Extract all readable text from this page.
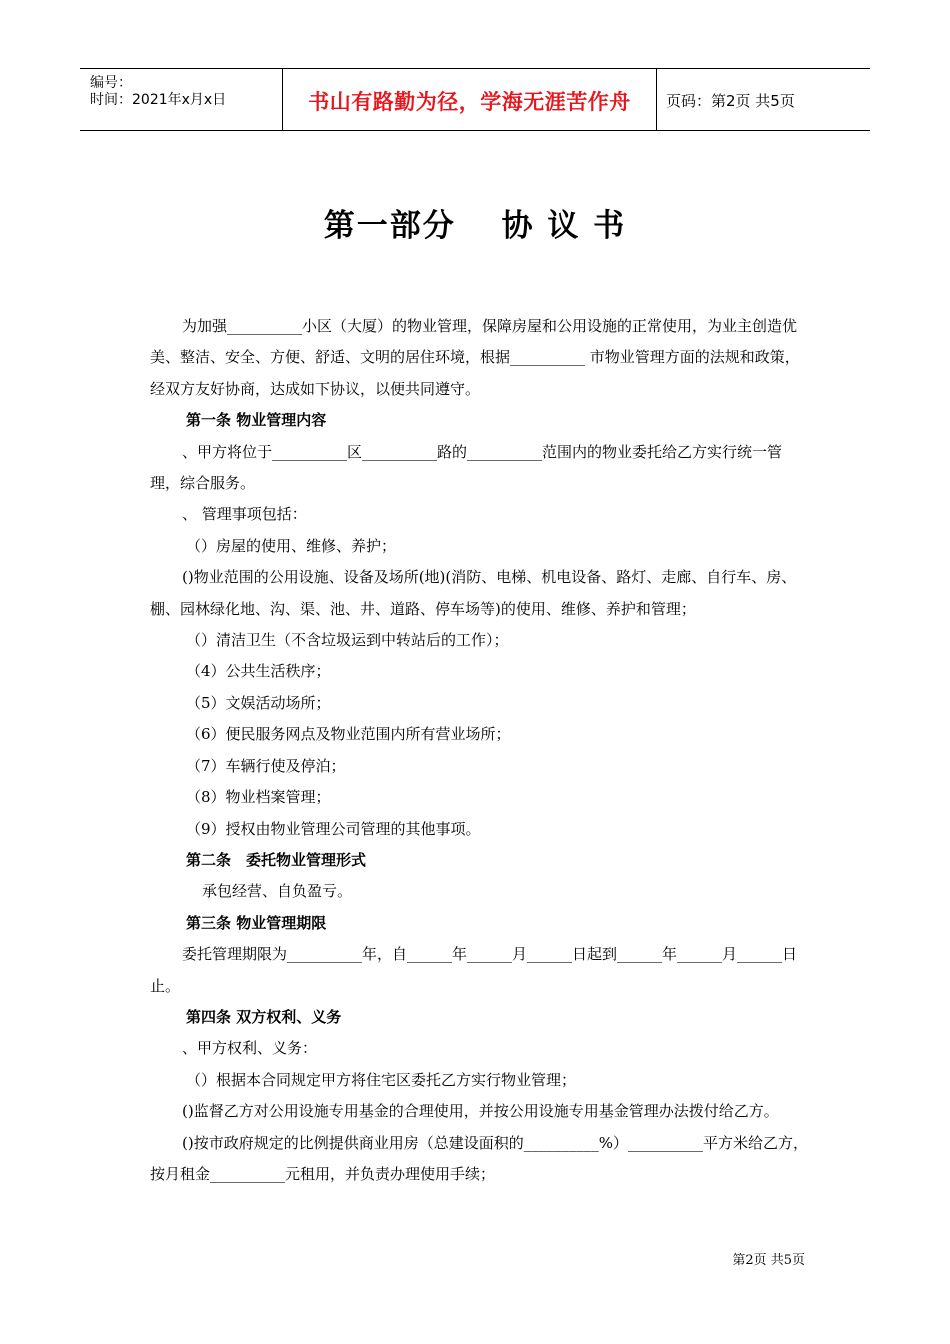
编号：
时间：2021年x月x日	书山有路勤为径，学海无涯苦作舟	页码：第2页 共5页
第一部分　 协 议 书

为加强__________小区（大厦）的物业管理，保障房屋和公用设施的正常使用，为业主创造优美、整洁、安全、方便、舒适、文明的居住环境，根据__________ 市物业管理方面的法规和政策，经双方友好协商，达成如下协议，以便共同遵守。

第一条 物业管理内容

、甲方将位于__________区__________路的__________范围内的物业委托给乙方实行统一管理，综合服务。

、 管理事项包括：

（）房屋的使用、维修、养护；

()物业范围的公用设施、设备及场所(地)(消防、电梯、机电设备、路灯、走廊、自行车、房、棚、园林绿化地、沟、渠、池、井、道路、停车场等)的使用、维修、养护和管理；

（）清洁卫生（不含垃圾运到中转站后的工作）；

（4）公共生活秩序；

（5）文娱活动场所；

（6）便民服务网点及物业范围内所有营业场所；

（7）车辆行使及停泊；

（8）物业档案管理；

（9）授权由物业管理公司管理的其他事项。

第二条　委托物业管理形式

承包经营、自负盈亏。

第三条 物业管理期限

委托管理期限为__________年，自______年______月______日起到______年______月______日止。

第四条 双方权利、义务

、甲方权利、义务：

（）根据本合同规定甲方将住宅区委托乙方实行物业管理；

()监督乙方对公用设施专用基金的合理使用，并按公用设施专用基金管理办法拨付给乙方。

()按市政府规定的比例提供商业用房（总建设面积的__________%）__________平方米给乙方，按月租金__________元租用，并负责办理使用手续；

第2页 共5页
